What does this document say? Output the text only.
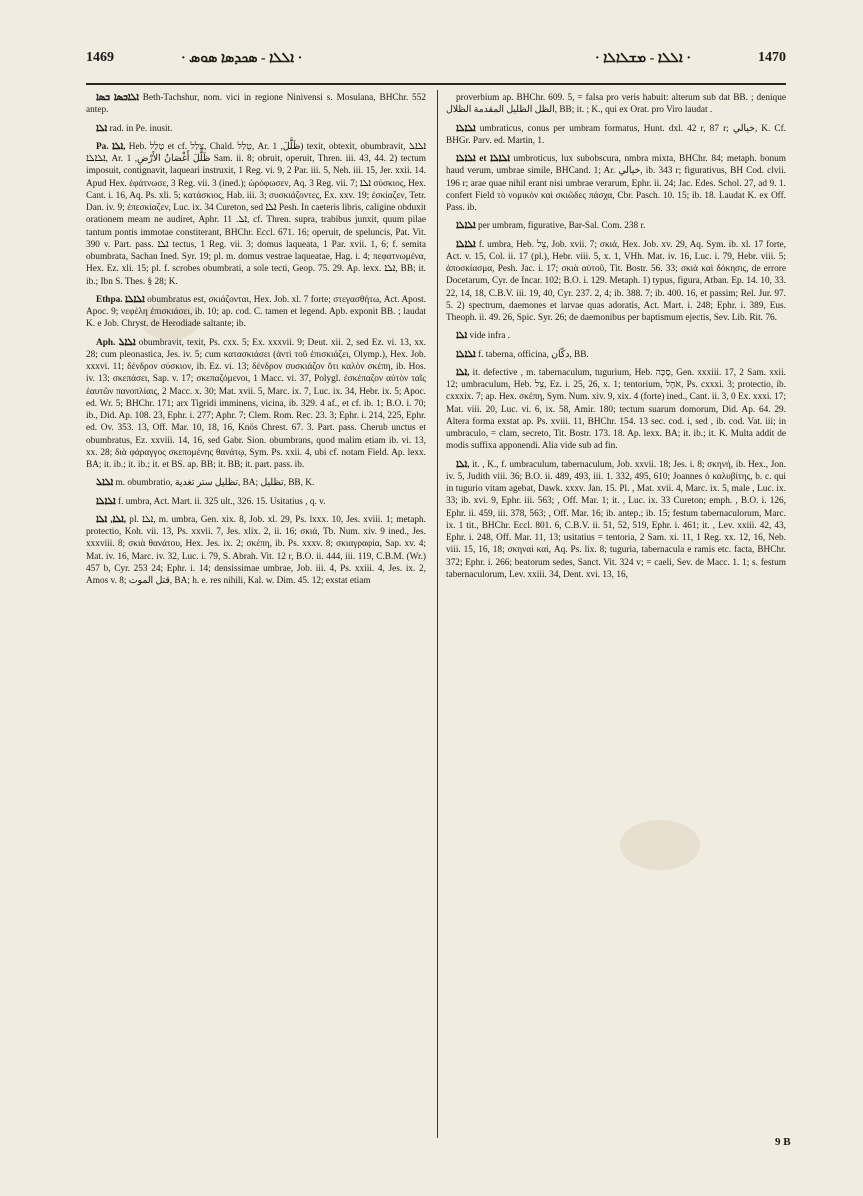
1469	· ܐܠܠܐ - ܣܟܕܣܐ ܣܘܣ ·	· ܐܠܠܐ - ܡܫܠܐܠܐ ·	1470

ܐܠܐܒܣܐ ܒܣܐ Beth-Tachshur, nom. vici in regione Ninivensi s. Mosulana, BHChr. 552 antep.

ܐܠܐ rad. in Pe. inusit.

Pa. ܐܠܐ, Heb. טָלַל et cf. צָלַל, Chald. טְלַל, Ar. ظَلَّلَ, 1) texit, obtexit, obumbravit, ܐܠܐܠ ܐܠܐܠܐ, Ar. ظَلَّلَ أَغْصَانُ الأَرْضِ, 1 Sam. ii. 8; obruit, operuit, Thren. iii. 43, 44. 2) tectum imposuit, contignavit, laqueari instruxit, 1 Reg. vi. 9, 2 Par. iii. 5, Neh. iii. 15, Jer. xxii. 14. Apud Hex. ἐφάτνωσε, 3 Reg. vii. 3 (ined.); ὠρόφωσεν, Aq. 3 Reg. vii. 7; ܐܠܐ σύσκιος, Hex. Cant. i. 16, Aq. Ps. xli. 5; κατάσκιος, Hab. iii. 3; συσκιάζοντες, Ex. xxv. 19; ἐσκίαζεν, Tetr. Dan. iv. 9; ἐπεσκίαζεν, Luc. ix. 34 Cureton, sed ܐܠܐ Pesh. In caeteris libris, caligine obduxit orationem meam ne audiret, Aphr. ܐܠ. 11, cf. Thren. supra, trabibus junxit, quum pilae tantum pontis immotae constiterant, BHChr. Eccl. 671. 16; operuit, de speluncis, Pat. Vit. 390 v. Part. pass. ܐܠܐ tectus, 1 Reg. vii. 3; domus laqueata, 1 Par. xvii. 1, 6; f. semita obumbrata, Sachan Ined. Syr. 19; pl. m. domus vestrae laqueatae, Hag. i. 4; πεφατνωμένα, Hex. Ez. xli. 15; pl. f. scrobes obumbrati, a sole tecti, Geop. 75. 29. Ap. lexx. ܐܠܐ, BB; it. ib.; Ibn S. Thes. § 28; K.

Ethpa. ܐܠܐܠܐ obumbratus est, σκιάζονται, Hex. Job. xl. 7 forte; στεγασθήτω, Act. Apost. Apoc. 9; νεφέλη ἐπισκιάσει, ib. 10; ap. cod. C. tamen et legend. Apb. exponit BB. ; laudat K. e Job. Chryst. de Herodiade saltante; ib.

Aph. ܐܠܐܠ obumbravit, texit, Ps. cxx. 5; Ex. xxxvii. 9; Deut. xii. 2, sed Ez. vi. 13, xx. 28; cum pleonastica, Jes. iv. 5; cum κατασκιάσει (ἀντὶ τοῦ ἐπισκιάζει, Olymp.), Hex. Job. xxxvi. 11; δένδρον σύσκιον, ib. Ez. vi. 13; δένδρον συσκιάζον ὅτι καλὸν σκέπη, ib. Hos. iv. 13; σκεπάσει, Sap. v. 17; σκεπαζόμενοι, 1 Macc. vi. 37, Polygl. ἐσκέπαζον αὐτὸν ταῖς ἑαυτῶν πανοπλίαις, 2 Macc. x. 30; Mat. xvii. 5, Marc. ix. 7, Luc. ix. 34, Hebr. ix. 5; Apoc. ed. Wr. 5; BHChr. 171; arx Tigridi imminens, vicina, ib. 329. 4 af., et cf. ib. 1; B.O. i. 70; ib., Did. Ap. 108. 23, Ephr. i. 277; Aphr. 7; Clem. Rom. Rec. 23. 3; Ephr. i. 214, 225, Ephr. ed. Ov. 353. 13, Off. Mar. 10, 18, 16, Knös Chrest. 67. 3. Part. pass. Cherub unctus et obumbratus, Ez. xxviii. 14, 16, sed Gabr. Sion. obumbrans, quod malim etiam ib. vi. 13, xx. 28; διὰ φάραγγος σκεπομένης θανάτῳ, Sym. Ps. xxii. 4, ubi cf. notam Field. Ap. lexx. BA; it. ib.; it. ib.; it. et BS. ap. BB; it. BB; it. part. pass. ib.

ܐܠܐܠ m. obumbratio, تظليل ستر تغدية, BA; تظليل, BB, K.

ܐܠܐܠܐ f. umbra, Act. Mart. ii. 325 ult., 326. 15. Usitatius , q. v.

ܐܠܐ, ܐܠܐ, pl. ܐܠܐ, m. umbra, Gen. xix. 8, Job. xl. 29, Ps. lxxx. 10, Jes. xviii. 1; metaph. protectio, Koh. vii. 13, Ps. xxvii. 7, Jes. xlix. 2, ii. 16; σκιά, Tb. Num. xiv. 9 ined., Jes. xxxviii. 8; σκιὰ θανάτου, Hex. Jes. ix. 2; σκέπη, ib. Ps. xxxv. 8; σκιαγραφία, Sap. xv. 4; Mat. iv. 16, Marc. iv. 32, Luc. i. 79, S. Abrah. Vit. 12 r, B.O. ii. 444, iii. 119, C.B.M. (Wr.) 457 b, Cyr. 253 24; Ephr. i. 14; densissimae umbrae, Job. iii. 4, Ps. xxiii. 4, Jes. ix. 2, Amos v. 8; قتل الموت, BA; h. e. res nihili, Kal. w. Dim. 45. 12; exstat etiam

proverbium ap. BHChr. 609. 5, = falsa pro veris habuit: alterum sub dat BB. ; denique الظل الظليل المقدمة الظلال, BB; it. ; K., qui ex Orat. pro Viro laudat .

ܐܠܐܠܐ umbraticus, conus per umbram formatus, Hunt. dxl. 42 r, 87 r; خيالي, K. Cf. BHGr. Parv. ed. Martin, 1.

ܐܠܐܠܐ et ܐܠܐܠܐ umbroticus, lux subobscura, nmbra mixta, BHChr. 84; metaph. bonum haud verum, umbrae simile, BHCand. 1; Ar. خيالي, ib. 343 r; figurativus, BH Cod. clvii. 196 r; arae quae nihil erant nisi umbrae verarum, Ephr. ii. 24; Jac. Edes. Schol. 27, ad 9. 1. confert Field τὸ νομικὸν καὶ σκιῶδες πάσχα, Cbr. Pasch. 10. 15; ib. 18. Laudat K. ex Off. Pass. ib.

ܐܠܐܠܐ per umbram, figurative, Bar-Sal. Com. 238 r.

ܐܠܐܠܐ f. umbra, Heb. צֵל, Job. xvii. 7; σκιά, Hex. Job. xv. 29, Aq. Sym. ib. xl. 17 forte, Act. v. 15, Col. ii. 17 (pl.), Hebr. viii. 5, x. 1, VHh. Mat. iv. 16, Luc. i. 79, Hebr. viii. 5; ἀποσκίασμα, Pesh. Jac. i. 17; σκιὰ αὐτοῦ, Tit. Bostr. 56. 33; σκιὰ καὶ δόκησις, de errore Docetarum, Cyr. de Incar. 102; B.O. i. 129. Metaph. 1) typus, figura, Atban. Ep. 14. 10, 33. 22, 14, 18, C.B.V. iii. 19, 40, Cyr. 237. 2, 4; ib. 388. 7; ib. 400. 16, et passim; Rel. Jur. 97. 5. 2) spectrum, daemones et larvae quas adoratis, Act. Mart. i. 248; Ephr. i. 389, Eus. Theoph. ii. 49. 26, Spic. Syr. 26; de daemonibus per baptismum ejectis, Sev. Lib. Rit. 76.

ܐܠܐ vide infra .

ܐܠܐܠܐ f. taberna, officina, دكّان, BB.

ܐܠܐ, it. defective , m. tabernaculum, tugurium, Heb. סֻכָּה, Gen. xxxiii. 17, 2 Sam. xxii. 12; umbraculum, Heb. צֵל, Ez. i. 25, 26, x. 1; tentorium, אֹהֶל, Ps. cxxxi. 3; protectio, ib. cxxxix. 7; ap. Hex. σκέπη, Sym. Num. xiv. 9, xix. 4 (forte) ined., Cant. ii. 3, 0 Ex. xxxi. 17; Mat. viii. 20, Luc. vi. 6, ix. 58, Amir. 180; tectum suarum domorum, Did. Ap. 64. 29. Altera forma exstat ap. Ps. xviii. 11, BHChr. 154. 13 sec. cod. i, sed , ib. cod. Vat. iii; in umbraculo, = clam, secreto, Tit. Bostr. 173. 18. Ap. lexx. BA; it. ib.; it. K. Multa addit de modis suffixa apponendi. Alia vide sub ad fin.

ܐܠܐ, it. , K., f. umbraculum, tabernaculum, Job. xxvii. 18; Jes. i. 8; σκηνή, ib. Hex., Jon. iv. 5, Judith viii. 36; B.O. ii. 489, 493, iii. 1. 332, 495, 610; Joannes ὁ καλυβίτης, b. c. qui in tugurio vitam agebat, Dawk. xxxv. Jan. 15. Pl. , Mat. xvii. 4, Marc. ix. 5, male , Luc. ix. 33; ib. xvi. 9, Ephr. iii. 563; , Off. Mar. 1; it. , Luc. ix. 33 Cureton; emph. , B.O. i. 126, Ephr. ii. 459, iii. 378, 563; , Off. Mar. 16; ib. antep.; ib. 15; festum tabernaculorum, Marc. ix. 1 tit., BHChr. Eccl. 801. 6, C.B.V. ii. 51, 52, 519, Ephr. i. 461; it. , Lev. xxiii. 42, 43, Ephr. i. 248, Off. Mar. 11, 13; usitatius = tentoria, 2 Sam. xi. 11, 1 Reg. xx. 12, 16, Neb. viii. 15, 16, 18; σκηναὶ καί, Aq. Ps. lix. 8; tuguria, tabernacula e ramis etc. facta, BHChr. 372; Ephr. i. 266; beatorum sedes, Sanct. Vit. 324 v; = caeli, Sev. de Macc. 1. 1; s. festum tabernaculorum, Lev. xxiii. 34, Dent. xvi. 13, 16,

9 B
